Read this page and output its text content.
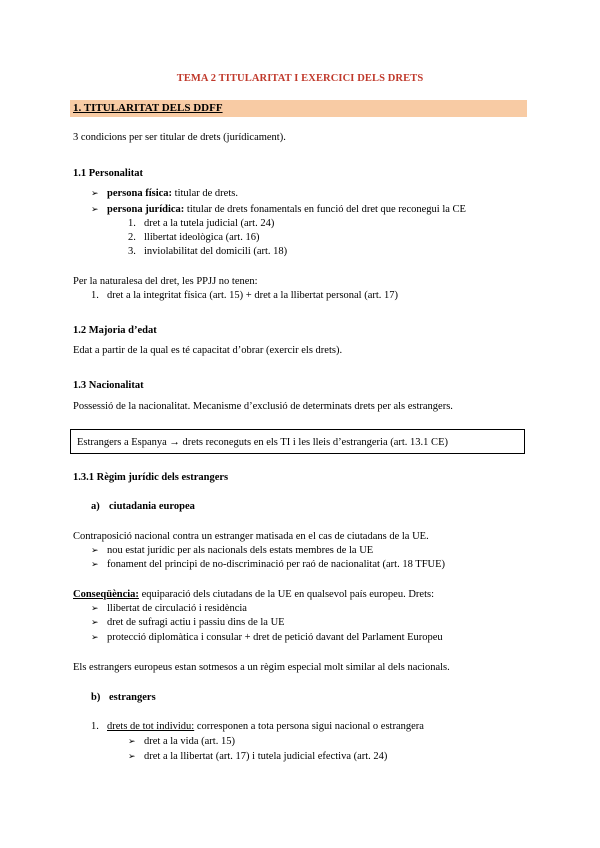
TEMA 2 TITULARITAT I EXERCICI DELS DRETS
1. TITULARITAT DELS DDFF
3 condicions per ser titular de drets (jurídicament).
1.1 Personalitat
➢ persona física: titular de drets.
➢ persona jurídica: titular de drets fonamentals en funció del dret que reconegui la CE
1. dret a la tutela judicial (art. 24)
2. llibertat ideològica (art. 16)
3. inviolabilitat del domicili (art. 18)
Per la naturalesa del dret, les PPJJ no tenen:
1. dret a la integritat física (art. 15) + dret a la llibertat personal (art. 17)
1.2 Majoria d’edat
Edat a partir de la qual es té capacitat d’obrar (exercir els drets).
1.3 Nacionalitat
Possessió de la nacionalitat. Mecanisme d’exclusió de determinats drets per als estrangers.
Estrangers a Espanya → drets reconeguts en els TI i les lleis d’estrangeria (art. 13.1 CE)
1.3.1 Règim jurídic dels estrangers
a) ciutadania europea
Contraposició nacional contra un estranger matisada en el cas de ciutadans de la UE.
➢ nou estat jurídic per als nacionals dels estats membres de la UE
➢ fonament del principi de no-discriminació per raó de nacionalitat (art. 18 TFUE)
Conseqüència: equiparació dels ciutadans de la UE en qualsevol país europeu. Drets:
➢ llibertat de circulació i residència
➢ dret de sufragi actiu i passiu dins de la UE
➢ protecció diplomàtica i consular + dret de petició davant del Parlament Europeu
Els estrangers europeus estan sotmesos a un règim especial molt similar al dels nacionals.
b) estrangers
1. drets de tot individu: corresponen a tota persona sigui nacional o estrangera
➢ dret a la vida (art. 15)
➢ dret a la llibertat (art. 17) i tutela judicial efectiva (art. 24)
